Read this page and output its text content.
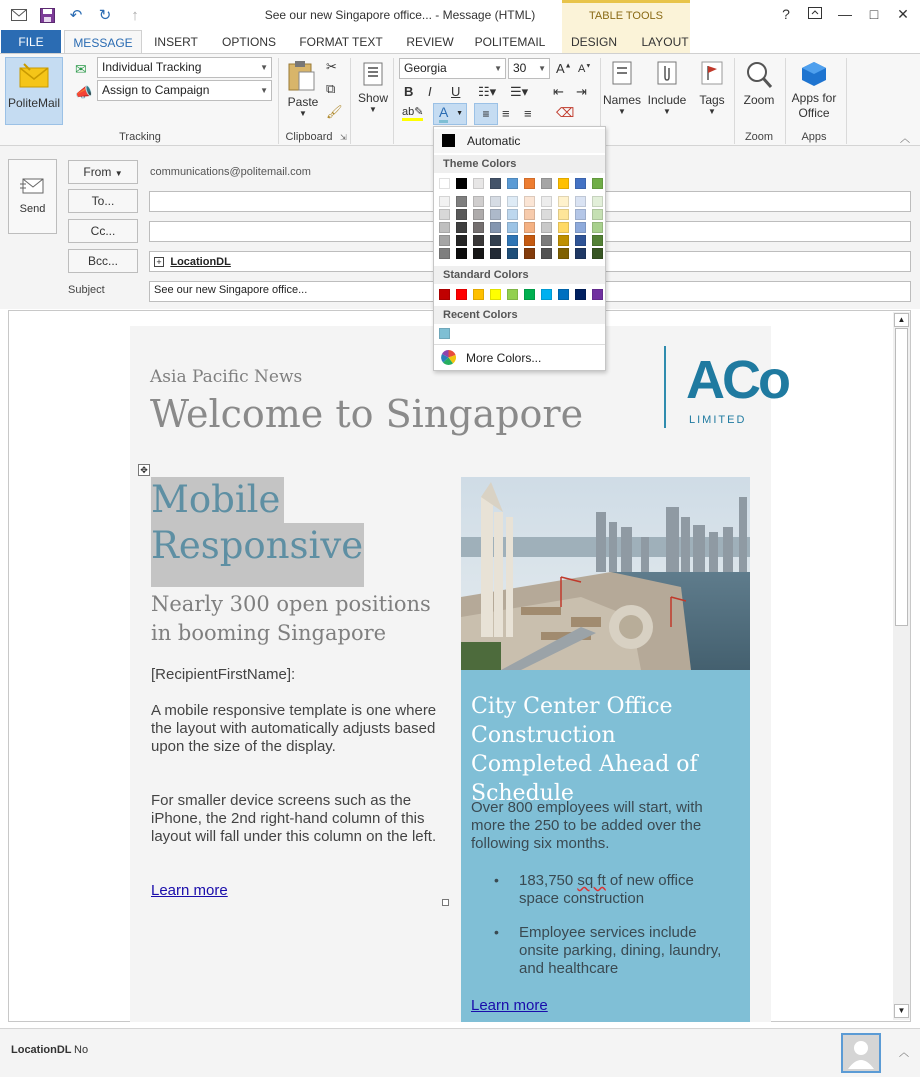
↶ ↻	↑	See our new Singapore office... - Message (HTML)	TABLE TOOLS	?	—	□	✕
FILE	MESSAGE	INSERT	OPTIONS	FORMAT TEXT	REVIEW	POLITEMAIL	DESIGN	LAYOUT
PoliteMail
✉	Individual Tracking	▼
📣 Assign to Campaign	▼
Tracking
Paste
▼
✂
⧉
🖌
Clipboard ⇲
Show
▼
Georgia	▼ 30 ▼ A▲ A▼
B I U ☷▾ ☰▾ ⇤ ⇥
ab✎ A ▼	≡ ≡ ≡ ⌫
Names
▼
Include
▼
Tags
▼
Zoom
Zoom
Apps for Office
Apps	︿
Send
From ▼	communications@politemail.com
To...
Cc...
Bcc...	+ LocationDL
Subject	See our new Singapore office...
▲
▼
Asia Pacific News
Welcome to Singapore
ACo
LIMITED
✥
Mobile
Responsive
Nearly 300 open positions in booming Singapore
[RecipientFirstName]:
A mobile responsive template is one where the layout with automatically adjusts based upon the size of the display.
For smaller device screens such as the iPhone, the 2nd right-hand column of this layout will fall under this column on the left.
Learn more
City Center Office Construction Completed Ahead of Schedule
Over 800 employees will start, with more the 250 to be added over the following six months.
• 183,750 sq ft of new office space construction
• Employee services include onsite parking, dining, laundry, and healthcare
Learn more
Automatic
Theme Colors
Standard Colors
Recent Colors
More Colors...
LocationDL No	︿
